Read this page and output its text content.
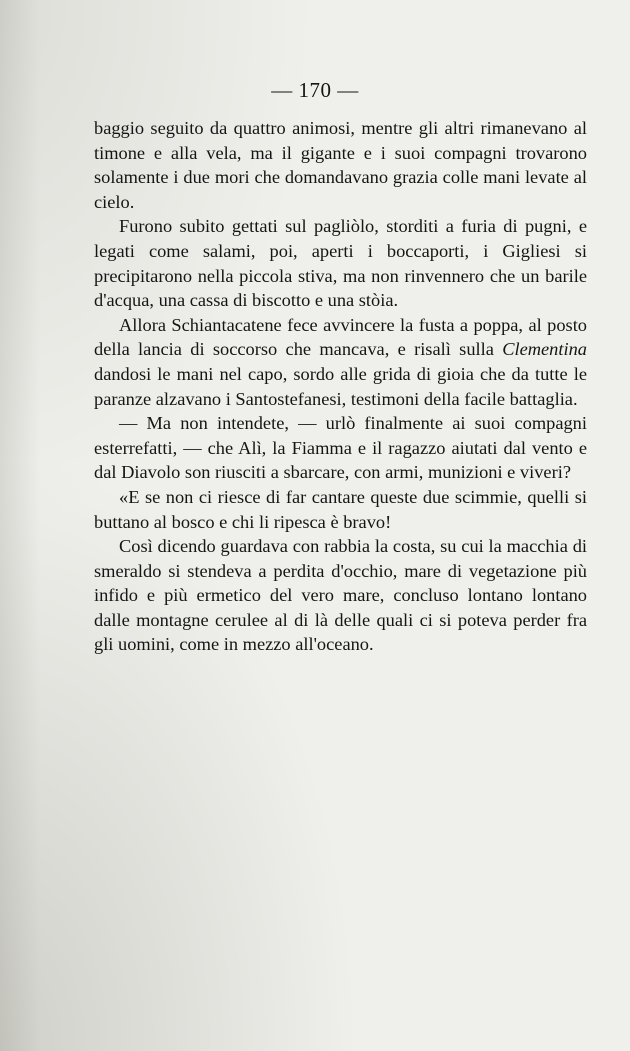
— 170 —

baggio seguito da quattro animosi, mentre gli altri rimanevano al timone e alla vela, ma il gigante e i suoi compagni trovarono solamente i due mori che domandavano grazia colle mani levate al cielo.

Furono subito gettati sul pagliòlo, storditi a furia di pugni, e legati come salami, poi, aperti i boccaporti, i Gigliesi si precipitarono nella piccola stiva, ma non rinvennero che un barile d'acqua, una cassa di biscotto e una stòia.

Allora Schiantacatene fece avvincere la fusta a poppa, al posto della lancia di soccorso che mancava, e risalì sulla Clementina dandosi le mani nel capo, sordo alle grida di gioia che da tutte le paranze alzavano i Santostefanesi, testimoni della facile battaglia.

— Ma non intendete, — urlò finalmente ai suoi compagni esterrefatti, — che Alì, la Fiamma e il ragazzo aiutati dal vento e dal Diavolo son riusciti a sbarcare, con armi, munizioni e viveri?

«E se non ci riesce di far cantare queste due scimmie, quelli si buttano al bosco e chi li ripesca è bravo!

Così dicendo guardava con rabbia la costa, su cui la macchia di smeraldo si stendeva a perdita d'occhio, mare di vegetazione più infido e più ermetico del vero mare, concluso lontano lontano dalle montagne cerulee al di là delle quali ci si poteva perder fra gli uomini, come in mezzo all'oceano.
